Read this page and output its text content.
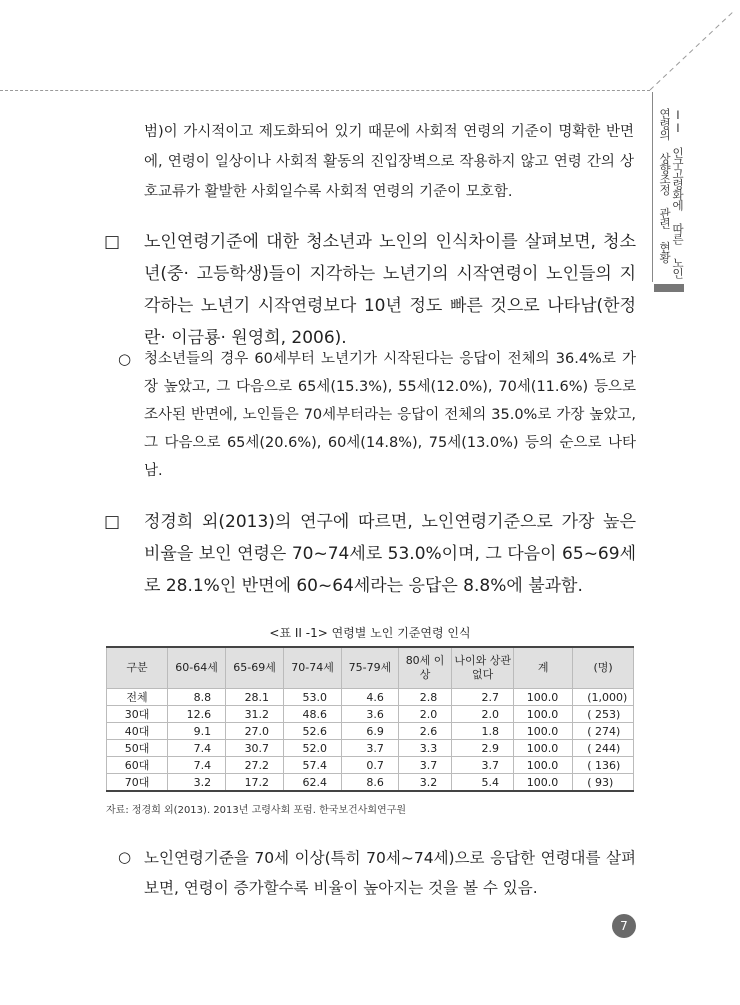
II 인구고령화에 따른 노인연령의 상향조정 관련 현황

범)이 가시적이고 제도화되어 있기 때문에 사회적 연령의 기준이 명확한 반면에, 연령이 일상이나 사회적 활동의 진입장벽으로 작용하지 않고 연령 간의 상호교류가 활발한 사회일수록 사회적 연령의 기준이 모호함.

□ 노인연령기준에 대한 청소년과 노인의 인식차이를 살펴보면, 청소년(중· 고등학생)들이 지각하는 노년기의 시작연령이 노인들의 지각하는 노년기 시작연령보다 10년 정도 빠른 것으로 나타남(한정란· 이금룡· 원영희, 2006).

○ 청소년들의 경우 60세부터 노년기가 시작된다는 응답이 전체의 36.4%로 가장 높았고, 그 다음으로 65세(15.3%), 55세(12.0%), 70세(11.6%) 등으로 조사된 반면에, 노인들은 70세부터라는 응답이 전체의 35.0%로 가장 높았고, 그 다음으로 65세(20.6%), 60세(14.8%), 75세(13.0%) 등의 순으로 나타남.

□ 정경희 외(2013)의 연구에 따르면, 노인연령기준으로 가장 높은 비율을 보인 연령은 70~74세로 53.0%이며, 그 다음이 65~69세로 28.1%인 반면에 60~64세라는 응답은 8.8%에 불과함.

<표 II -1> 연령별 노인 기준연령 인식
구분	60-64세	65-69세	70-74세	75-79세	80세 이상	나이와 상관없다	계	(명)
전체	8.8	28.1	53.0	4.6	2.8	2.7	100.0	(1,000)
30대	12.6	31.2	48.6	3.6	2.0	2.0	100.0	( 253)
40대	9.1	27.0	52.6	6.9	2.6	1.8	100.0	( 274)
50대	7.4	30.7	52.0	3.7	3.3	2.9	100.0	( 244)
60대	7.4	27.2	57.4	0.7	3.7	3.7	100.0	( 136)
70대	3.2	17.2	62.4	8.6	3.2	5.4	100.0	( 93)
자료: 정경희 외(2013). 2013년 고령사회 포럼. 한국보건사회연구원
○ 노인연령기준을 70세 이상(특히 70세~74세)으로 응답한 연령대를 살펴보면, 연령이 증가할수록 비율이 높아지는 것을 볼 수 있음.

7
